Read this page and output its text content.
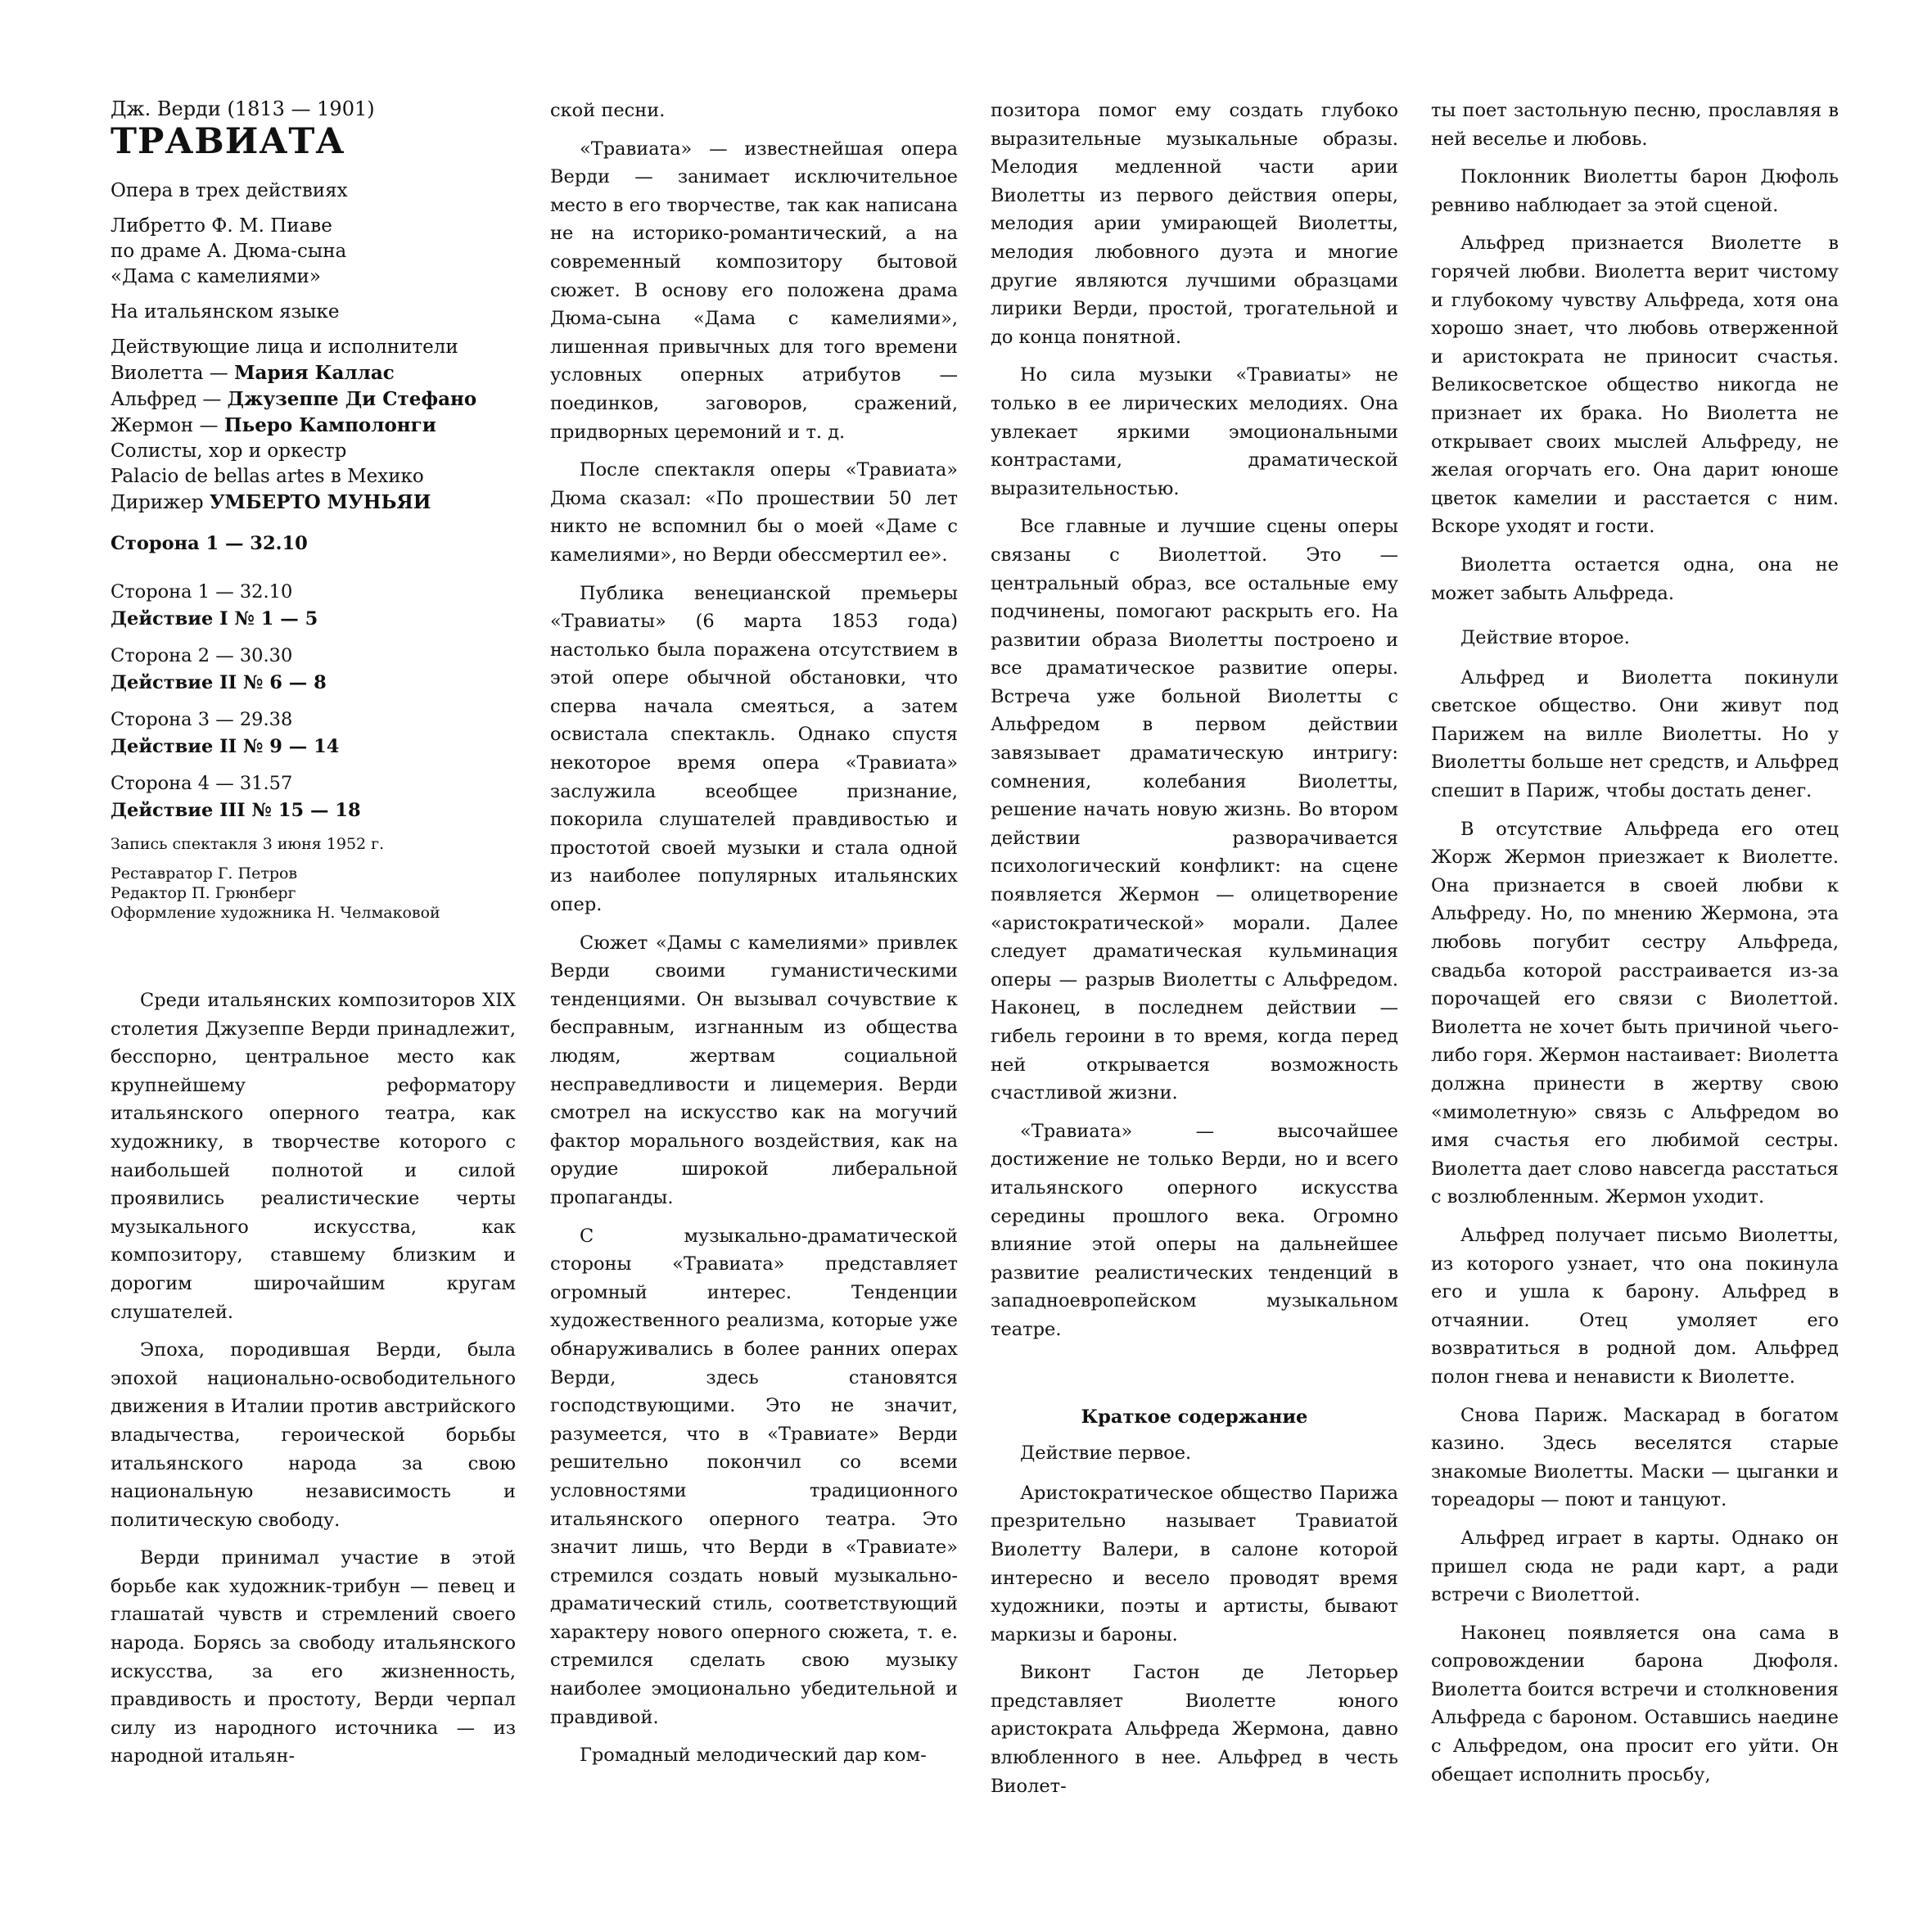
Дж. Верди (1813 — 1901)
ТРАВИАТА
Опера в трех действиях
Либретто Ф. М. Пиаве
по драме А. Дюма-сына
«Дама с камелиями»
На итальянском языке
Действующие лица и исполнители
Виолетта — Мария Каллас
Альфред — Джузеппе Ди Стефано
Жермон — Пьеро Камполонги
Солисты, хор и оркестр
Palacio de bellas artes в Мехико
Дирижер УМБЕРТО МУНЬЯИ
Сторона 1 — 32.10
Сторона 1 — 32.10
Действие I № 1 — 5
Сторона 2 — 30.30
Действие II № 6 — 8
Сторона 3 — 29.38
Действие II № 9 — 14
Сторона 4 — 31.57
Действие III № 15 — 18
Запись спектакля 3 июня 1952 г.
Реставратор Г. Петров
Редактор П. Грюнберг
Оформление художника Н. Челмаковой

Среди итальянских композиторов XIX столетия Джузеппе Верди принадлежит, бесспорно, центральное место как крупнейшему реформатору итальянского оперного театра, как художнику, в творчестве которого с наибольшей полнотой и силой проявились реалистические черты музыкального искусства, как композитору, ставшему близким и дорогим широчайшим кругам слушателей.

Эпоха, породившая Верди, была эпохой национально-освободительного движения в Италии против австрийского владычества, героической борьбы итальянского народа за свою национальную независимость и политическую свободу.

Верди принимал участие в этой борьбе как художник-трибун — певец и глашатай чувств и стремлений своего народа. Борясь за свободу итальянского искусства, за его жизненность, правдивость и простоту, Верди черпал силу из народного источника — из народной итальян-

ской песни.

«Травиата» — известнейшая опера Верди — занимает исключительное место в его творчестве, так как написана не на историко-романтический, а на современный композитору бытовой сюжет. В основу его положена драма Дюма-сына «Дама с камелиями», лишенная привычных для того времени условных оперных атрибутов — поединков, заговоров, сражений, придворных церемоний и т. д.

После спектакля оперы «Травиата» Дюма сказал: «По прошествии 50 лет никто не вспомнил бы о моей «Даме с камелиями», но Верди обессмертил ее».

Публика венецианской премьеры «Травиаты» (6 марта 1853 года) настолько была поражена отсутствием в этой опере обычной обстановки, что сперва начала смеяться, а затем освистала спектакль. Однако спустя некоторое время опера «Травиата» заслужила всеобщее признание, покорила слушателей правдивостью и простотой своей музыки и стала одной из наиболее популярных итальянских опер.

Сюжет «Дамы с камелиями» привлек Верди своими гуманистическими тенденциями. Он вызывал сочувствие к бесправным, изгнанным из общества людям, жертвам социальной несправедливости и лицемерия. Верди смотрел на искусство как на могучий фактор морального воздействия, как на орудие широкой либеральной пропаганды.

С музыкально-драматической стороны «Травиата» представляет огромный интерес. Тенденции художественного реализма, которые уже обнаруживались в более ранних операх Верди, здесь становятся господствующими. Это не значит, разумеется, что в «Травиате» Верди решительно покончил со всеми условностями традиционного итальянского оперного театра. Это значит лишь, что Верди в «Травиате» стремился создать новый музыкально-драматический стиль, соответствующий характеру нового оперного сюжета, т. е. стремился сделать свою музыку наиболее эмоционально убедительной и правдивой.

Громадный мелодический дар ком-

позитора помог ему создать глубоко выразительные музыкальные образы. Мелодия медленной части арии Виолетты из первого действия оперы, мелодия арии умирающей Виолетты, мелодия любовного дуэта и многие другие являются лучшими образцами лирики Верди, простой, трогательной и до конца понятной.

Но сила музыки «Травиаты» не только в ее лирических мелодиях. Она увлекает яркими эмоциональными контрастами, драматической выразительностью.

Все главные и лучшие сцены оперы связаны с Виолеттой. Это — центральный образ, все остальные ему подчинены, помогают раскрыть его. На развитии образа Виолетты построено и все драматическое развитие оперы. Встреча уже больной Виолетты с Альфредом в первом действии завязывает драматическую интригу: сомнения, колебания Виолетты, решение начать новую жизнь. Во втором действии разворачивается психологический конфликт: на сцене появляется Жермон — олицетворение «аристократической» морали. Далее следует драматическая кульминация оперы — разрыв Виолетты с Альфредом. Наконец, в последнем действии — гибель героини в то время, когда перед ней открывается возможность счастливой жизни.

«Травиата» — высочайшее достижение не только Верди, но и всего итальянского оперного искусства середины прошлого века. Огромно влияние этой оперы на дальнейшее развитие реалистических тенденций в западноевропейском музыкальном театре.

Краткое содержание
Действие первое.

Аристократическое общество Парижа презрительно называет Травиатой Виолетту Валери, в салоне которой интересно и весело проводят время художники, поэты и артисты, бывают маркизы и бароны.

Виконт Гастон де Леторьер представляет Виолетте юного аристократа Альфреда Жермона, давно влюбленного в нее. Альфред в честь Виолет-

ты поет застольную песню, прославляя в ней веселье и любовь.

Поклонник Виолетты барон Дюфоль ревниво наблюдает за этой сценой.

Альфред признается Виолетте в горячей любви. Виолетта верит чистому и глубокому чувству Альфреда, хотя она хорошо знает, что любовь отверженной и аристократа не приносит счастья. Великосветское общество никогда не признает их брака. Но Виолетта не открывает своих мыслей Альфреду, не желая огорчать его. Она дарит юноше цветок камелии и расстается с ним. Вскоре уходят и гости.

Виолетта остается одна, она не может забыть Альфреда.

Действие второе.

Альфред и Виолетта покинули светское общество. Они живут под Парижем на вилле Виолетты. Но у Виолетты больше нет средств, и Альфред спешит в Париж, чтобы достать денег.

В отсутствие Альфреда его отец Жорж Жермон приезжает к Виолетте. Она признается в своей любви к Альфреду. Но, по мнению Жермона, эта любовь погубит сестру Альфреда, свадьба которой расстраивается из-за порочащей его связи с Виолеттой. Виолетта не хочет быть причиной чьего-либо горя. Жермон настаивает: Виолетта должна принести в жертву свою «мимолетную» связь с Альфредом во имя счастья его любимой сестры. Виолетта дает слово навсегда расстаться с возлюбленным. Жермон уходит.

Альфред получает письмо Виолетты, из которого узнает, что она покинула его и ушла к барону. Альфред в отчаянии. Отец умоляет его возвратиться в родной дом. Альфред полон гнева и ненависти к Виолетте.

Снова Париж. Маскарад в богатом казино. Здесь веселятся старые знакомые Виолетты. Маски — цыганки и тореадоры — поют и танцуют.

Альфред играет в карты. Однако он пришел сюда не ради карт, а ради встречи с Виолеттой.

Наконец появляется она сама в сопровождении барона Дюфоля. Виолетта боится встречи и столкновения Альфреда с бароном. Оставшись наедине с Альфредом, она просит его уйти. Он обещает исполнить просьбу,
